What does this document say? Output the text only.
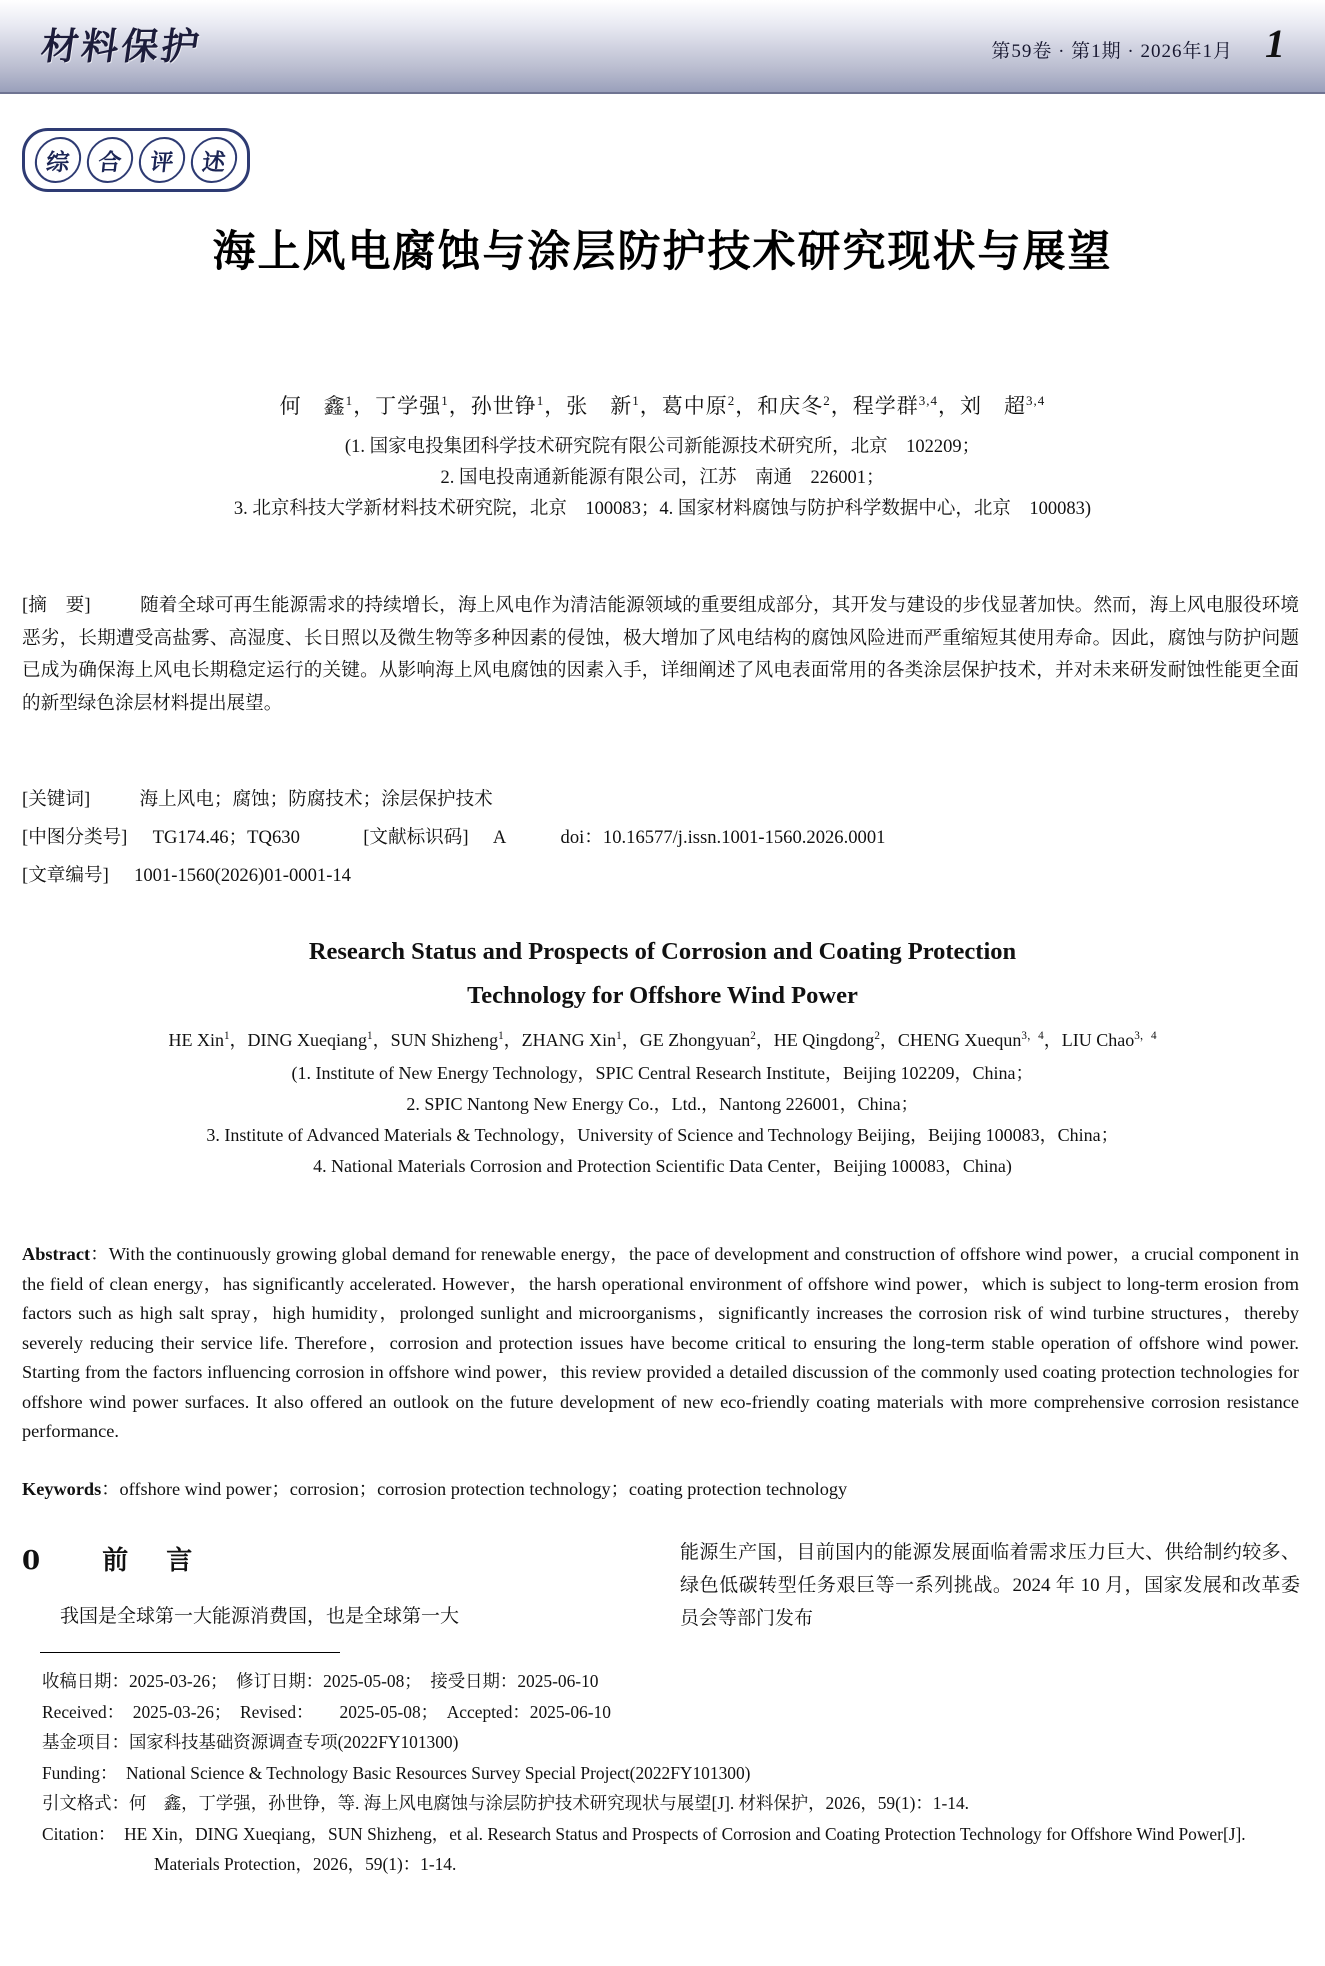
材料保护	第59卷 · 第1期 · 2026年1月 1
综	合	评	述
海上风电腐蚀与涂层防护技术研究现状与展望
何　鑫$^1$，丁学强$^1$，孙世铮$^1$，张　新$^1$，葛中原$^2$，和庆冬$^2$，程学群$^{3,4}$，刘　超$^{3,4}$
(1. 国家电投集团科学技术研究院有限公司新能源技术研究所，北京　102209；
2. 国电投南通新能源有限公司，江苏　南通　226001；
3. 北京科技大学新材料技术研究院，北京　100083；4. 国家材料腐蚀与防护科学数据中心，北京　100083)
[摘　要]	随着全球可再生能源需求的持续增长，海上风电作为清洁能源领域的重要组成部分，其开发与建设的步伐显著加快。然而，海上风电服役环境恶劣，长期遭受高盐雾、高湿度、长日照以及微生物等多种因素的侵蚀，极大增加了风电结构的腐蚀风险进而严重缩短其使用寿命。因此，腐蚀与防护问题已成为确保海上风电长期稳定运行的关键。从影响海上风电腐蚀的因素入手，详细阐述了风电表面常用的各类涂层保护技术，并对未来研发耐蚀性能更全面的新型绿色涂层材料提出展望。
[关键词]	海上风电；腐蚀；防腐技术；涂层保护技术
[中图分类号] TG174.46；TQ630	[文献标识码] A	doi：10.16577/j.issn.1001-1560.2026.0001
[文章编号] 1001-1560(2026)01-0001-14
Research Status and Prospects of Corrosion and Coating Protection
Technology for Offshore Wind Power
HE Xin$^1$，DING Xueqiang$^1$，SUN Shizheng$^1$，ZHANG Xin$^1$，GE Zhongyuan$^2$，HE Qingdong$^2$，CHENG Xuequn$^{3,4}$，LIU Chao$^{3,4}$
(1. Institute of New Energy Technology，SPIC Central Research Institute，Beijing 102209，China；
2. SPIC Nantong New Energy Co.，Ltd.，Nantong 226001，China；
3. Institute of Advanced Materials & Technology，University of Science and Technology Beijing，Beijing 100083，China；
4. National Materials Corrosion and Protection Scientific Data Center，Beijing 100083，China)
Abstract：With the continuously growing global demand for renewable energy，the pace of development and construction of offshore wind power，a crucial component in the field of clean energy，has significantly accelerated. However，the harsh operational environment of offshore wind power，which is subject to long-term erosion from factors such as high salt spray，high humidity，prolonged sunlight and microorganisms，significantly increases the corrosion risk of wind turbine structures，thereby severely reducing their service life. Therefore，corrosion and protection issues have become critical to ensuring the long-term stable operation of offshore wind power. Starting from the factors influencing corrosion in offshore wind power，this review provided a detailed discussion of the commonly used coating protection technologies for offshore wind power surfaces. It also offered an outlook on the future development of new eco-friendly coating materials with more comprehensive corrosion resistance performance.
Keywords：offshore wind power；corrosion；corrosion protection technology；coating protection technology
0 前　言
我国是全球第一大能源消费国，也是全球第一大
能源生产国，目前国内的能源发展面临着需求压力巨大、供给制约较多、绿色低碳转型任务艰巨等一系列挑战。2024 年 10 月，国家发展和改革委员会等部门发布
收稿日期：2025-03-26；　修订日期：2025-05-08；　接受日期：2025-06-10
Received：　2025-03-26；　Revised：　　2025-05-08；　Accepted：2025-06-10
基金项目：国家科技基础资源调查专项(2022FY101300)
Funding：　National Science & Technology Basic Resources Survey Special Project(2022FY101300)
引文格式：何　鑫，丁学强，孙世铮，等. 海上风电腐蚀与涂层防护技术研究现状与展望[J]. 材料保护，2026，59(1)：1-14.
Citation：　HE Xin，DING Xueqiang，SUN Shizheng，et al. Research Status and Prospects of Corrosion and Coating Protection Technology for Offshore Wind Power[J]. Materials Protection，2026，59(1)：1-14.
